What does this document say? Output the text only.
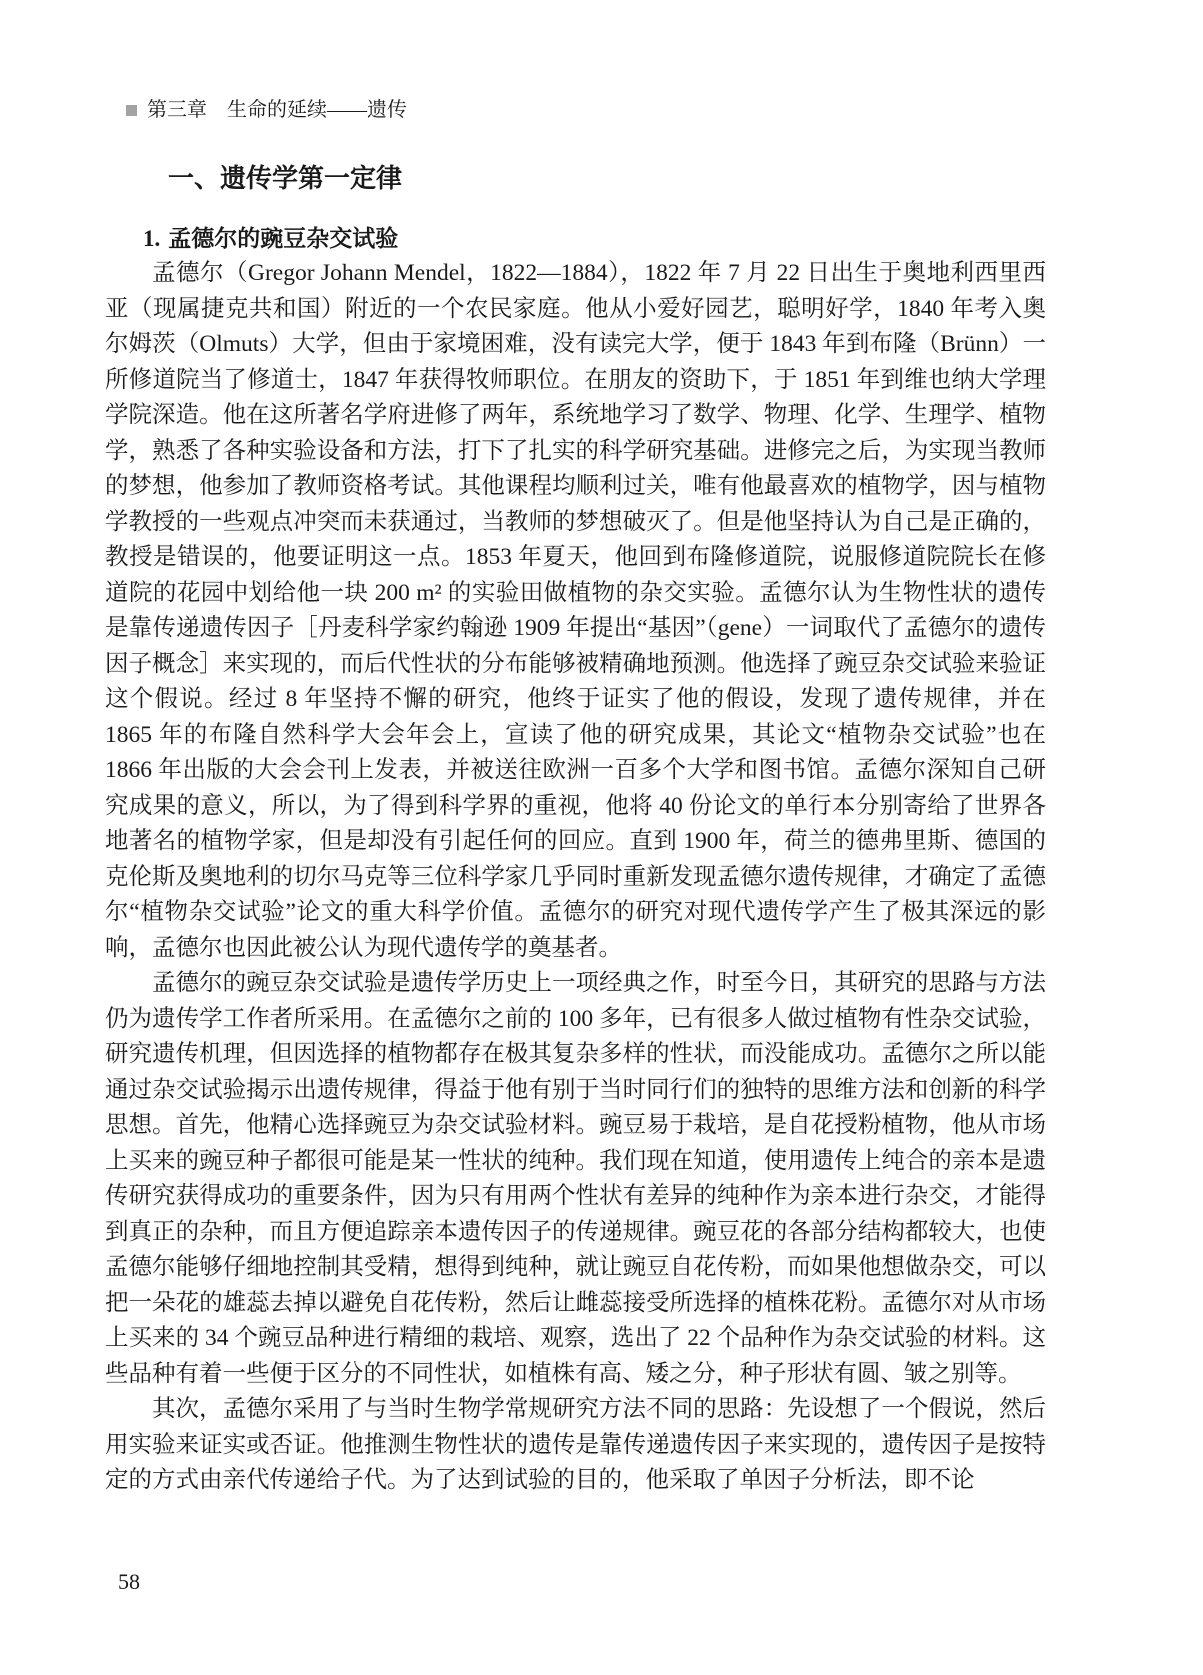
第三章　生命的延续——遗传
一、遗传学第一定律
1. 孟德尔的豌豆杂交试验

孟德尔（Gregor Johann Mendel，1822—1884），1822 年 7 月 22 日出生于奥地利西里西亚（现属捷克共和国）附近的一个农民家庭。他从小爱好园艺，聪明好学，1840 年考入奥尔姆茨（Olmuts）大学，但由于家境困难，没有读完大学，便于 1843 年到布隆（Brünn）一所修道院当了修道士，1847 年获得牧师职位。在朋友的资助下，于 1851 年到维也纳大学理学院深造。他在这所著名学府进修了两年，系统地学习了数学、物理、化学、生理学、植物学，熟悉了各种实验设备和方法，打下了扎实的科学研究基础。进修完之后，为实现当教师的梦想，他参加了教师资格考试。其他课程均顺利过关，唯有他最喜欢的植物学，因与植物学教授的一些观点冲突而未获通过，当教师的梦想破灭了。但是他坚持认为自己是正确的，教授是错误的，他要证明这一点。1853 年夏天，他回到布隆修道院，说服修道院院长在修道院的花园中划给他一块 200 m² 的实验田做植物的杂交实验。孟德尔认为生物性状的遗传是靠传递遗传因子［丹麦科学家约翰逊 1909 年提出“基因”（gene）一词取代了孟德尔的遗传因子概念］来实现的，而后代性状的分布能够被精确地预测。他选择了豌豆杂交试验来验证这个假说。经过 8 年坚持不懈的研究，他终于证实了他的假设，发现了遗传规律，并在 1865 年的布隆自然科学大会年会上，宣读了他的研究成果，其论文“植物杂交试验”也在 1866 年出版的大会会刊上发表，并被送往欧洲一百多个大学和图书馆。孟德尔深知自己研究成果的意义，所以，为了得到科学界的重视，他将 40 份论文的单行本分别寄给了世界各地著名的植物学家，但是却没有引起任何的回应。直到 1900 年，荷兰的德弗里斯、德国的克伦斯及奥地利的切尔马克等三位科学家几乎同时重新发现孟德尔遗传规律，才确定了孟德尔“植物杂交试验”论文的重大科学价值。孟德尔的研究对现代遗传学产生了极其深远的影响，孟德尔也因此被公认为现代遗传学的奠基者。

孟德尔的豌豆杂交试验是遗传学历史上一项经典之作，时至今日，其研究的思路与方法仍为遗传学工作者所采用。在孟德尔之前的 100 多年，已有很多人做过植物有性杂交试验，研究遗传机理，但因选择的植物都存在极其复杂多样的性状，而没能成功。孟德尔之所以能通过杂交试验揭示出遗传规律，得益于他有别于当时同行们的独特的思维方法和创新的科学思想。首先，他精心选择豌豆为杂交试验材料。豌豆易于栽培，是自花授粉植物，他从市场上买来的豌豆种子都很可能是某一性状的纯种。我们现在知道，使用遗传上纯合的亲本是遗传研究获得成功的重要条件，因为只有用两个性状有差异的纯种作为亲本进行杂交，才能得到真正的杂种，而且方便追踪亲本遗传因子的传递规律。豌豆花的各部分结构都较大，也使孟德尔能够仔细地控制其受精，想得到纯种，就让豌豆自花传粉，而如果他想做杂交，可以把一朵花的雄蕊去掉以避免自花传粉，然后让雌蕊接受所选择的植株花粉。孟德尔对从市场上买来的 34 个豌豆品种进行精细的栽培、观察，选出了 22 个品种作为杂交试验的材料。这些品种有着一些便于区分的不同性状，如植株有高、矮之分，种子形状有圆、皱之别等。

其次，孟德尔采用了与当时生物学常规研究方法不同的思路：先设想了一个假说，然后用实验来证实或否证。他推测生物性状的遗传是靠传递遗传因子来实现的，遗传因子是按特定的方式由亲代传递给子代。为了达到试验的目的，他采取了单因子分析法，即不论

58
